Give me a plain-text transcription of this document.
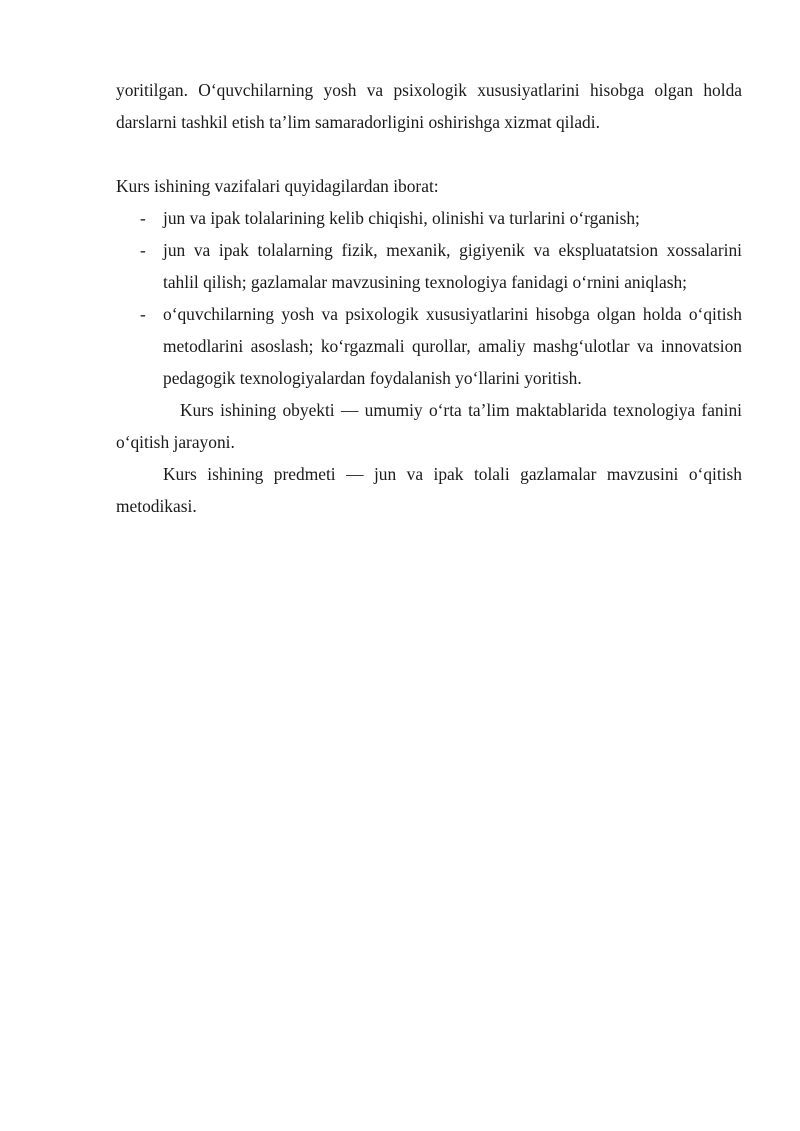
yoritilgan. O‘quvchilarning yosh va psixologik xususiyatlarini hisobga olgan holda darslarni tashkil etish ta’lim samaradorligini oshirishga xizmat qiladi.

Kurs ishining vazifalari quyidagilardan iborat:

- jun va ipak tolalarining kelib chiqishi, olinishi va turlarini o‘rganish;
- jun va ipak tolalarning fizik, mexanik, gigiyenik va ekspluatatsion xossalarini tahlil qilish; gazlamalar mavzusining texnologiya fanidagi o‘rnini aniqlash;
- o‘quvchilarning yosh va psixologik xususiyatlarini hisobga olgan holda o‘qitish metodlarini asoslash; ko‘rgazmali qurollar, amaliy mashg‘ulotlar va innovatsion pedagogik texnologiyalardan foydalanish yo‘llarini yoritish.

Kurs ishining obyekti — umumiy o‘rta ta’lim maktablarida texnologiya fanini o‘qitish jarayoni.

Kurs ishining predmeti — jun va ipak tolali gazlamalar mavzusini o‘qitish metodikasi.
